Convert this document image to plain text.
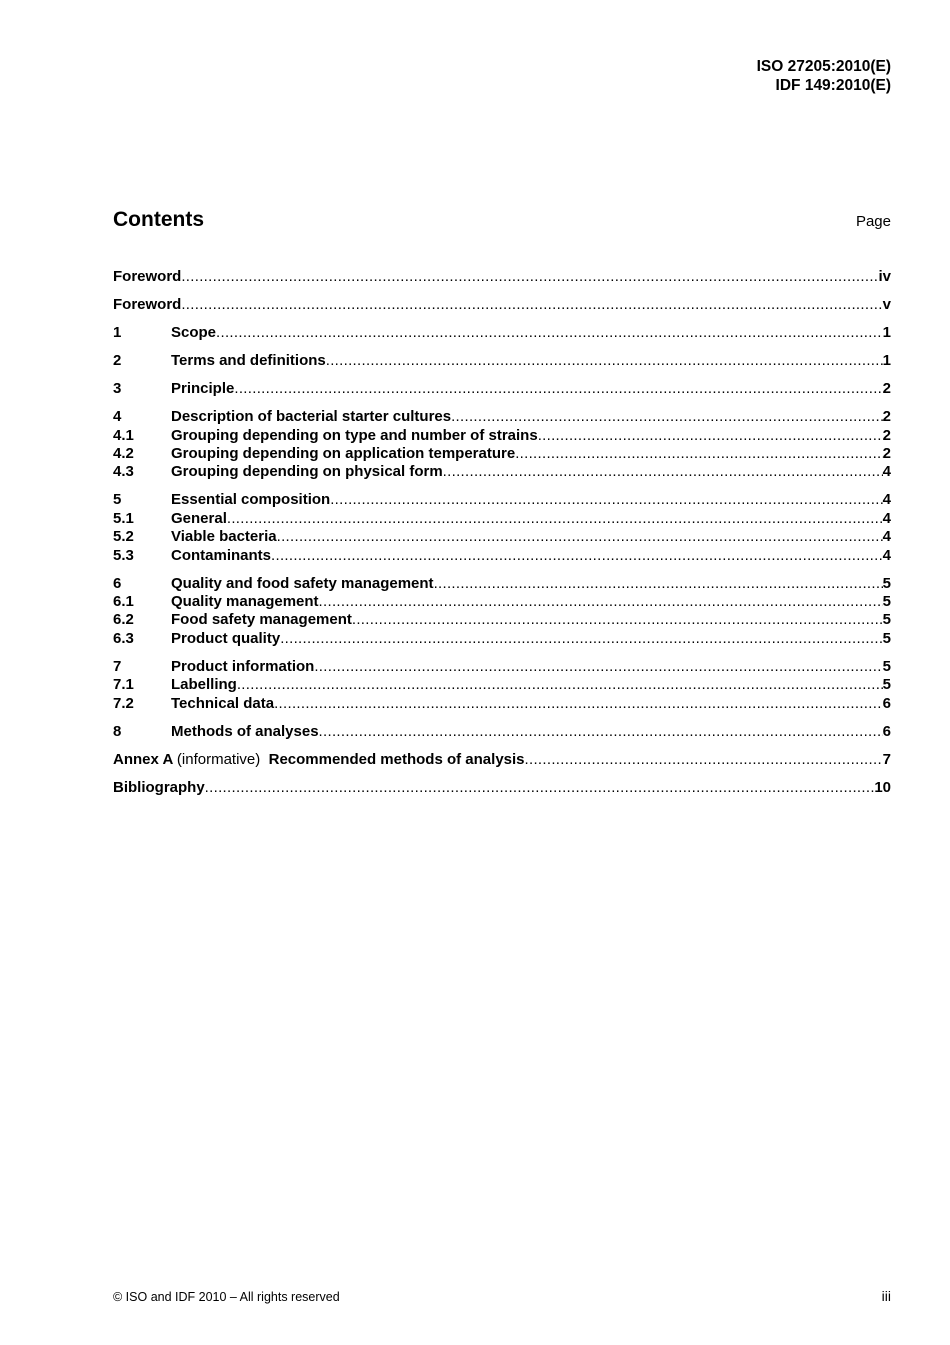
ISO 27205:2010(E)
IDF 149:2010(E)
Contents	Page
Foreword .....	iv
Foreword .....	v
1	Scope .....	1
2	Terms and definitions .....	1
3	Principle .....	2
4	Description of bacterial starter cultures .....	2
4.1	Grouping depending on type and number of strains .....	2
4.2	Grouping depending on application temperature .....	2
4.3	Grouping depending on physical form .....	4
5	Essential composition .....	4
5.1	General .....	4
5.2	Viable bacteria .....	4
5.3	Contaminants .....	4
6	Quality and food safety management .....	5
6.1	Quality management .....	5
6.2	Food safety management .....	5
6.3	Product quality .....	5
7	Product information .....	5
7.1	Labelling .....	5
7.2	Technical data .....	6
8	Methods of analyses .....	6
Annex A (informative) Recommended methods of analysis .....	7
Bibliography .....	10
© ISO and IDF 2010 – All rights reserved	iii
